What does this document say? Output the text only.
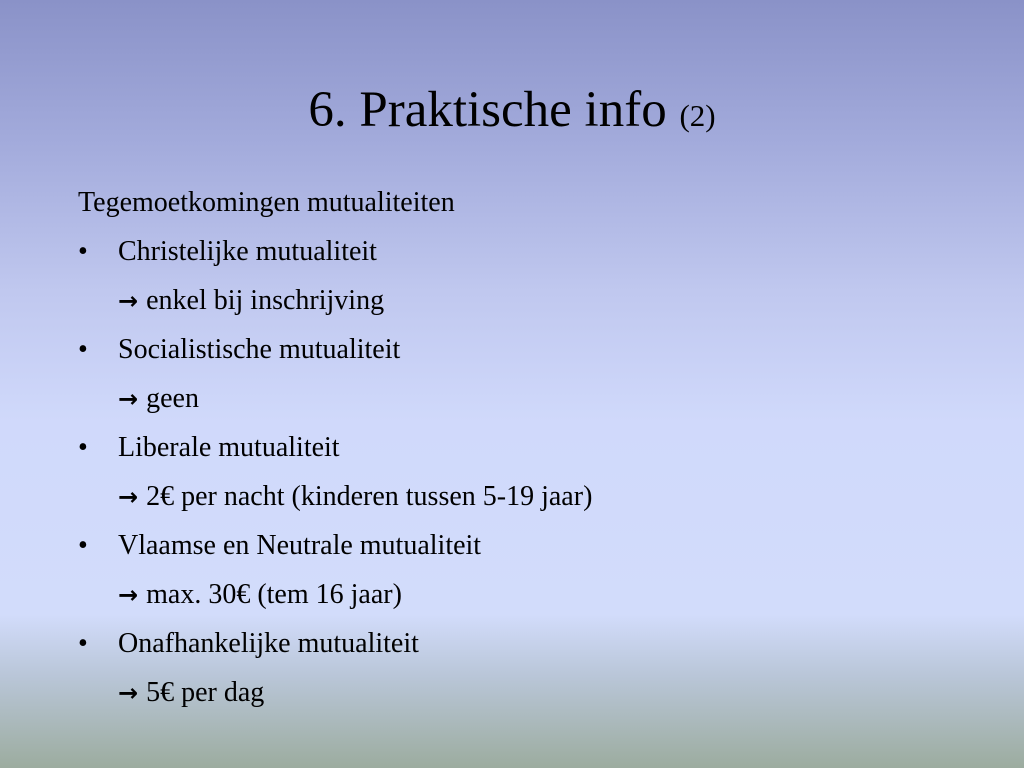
6. Praktische info (2)
Tegemoetkomingen mutualiteiten
• Christelijke mutualiteit
→ enkel bij inschrijving
• Socialistische mutualiteit
→ geen
• Liberale mutualiteit
→ 2€ per nacht (kinderen tussen 5-19 jaar)
• Vlaamse en Neutrale mutualiteit
→ max. 30€ (tem 16 jaar)
• Onafhankelijke mutualiteit
→ 5€ per dag
